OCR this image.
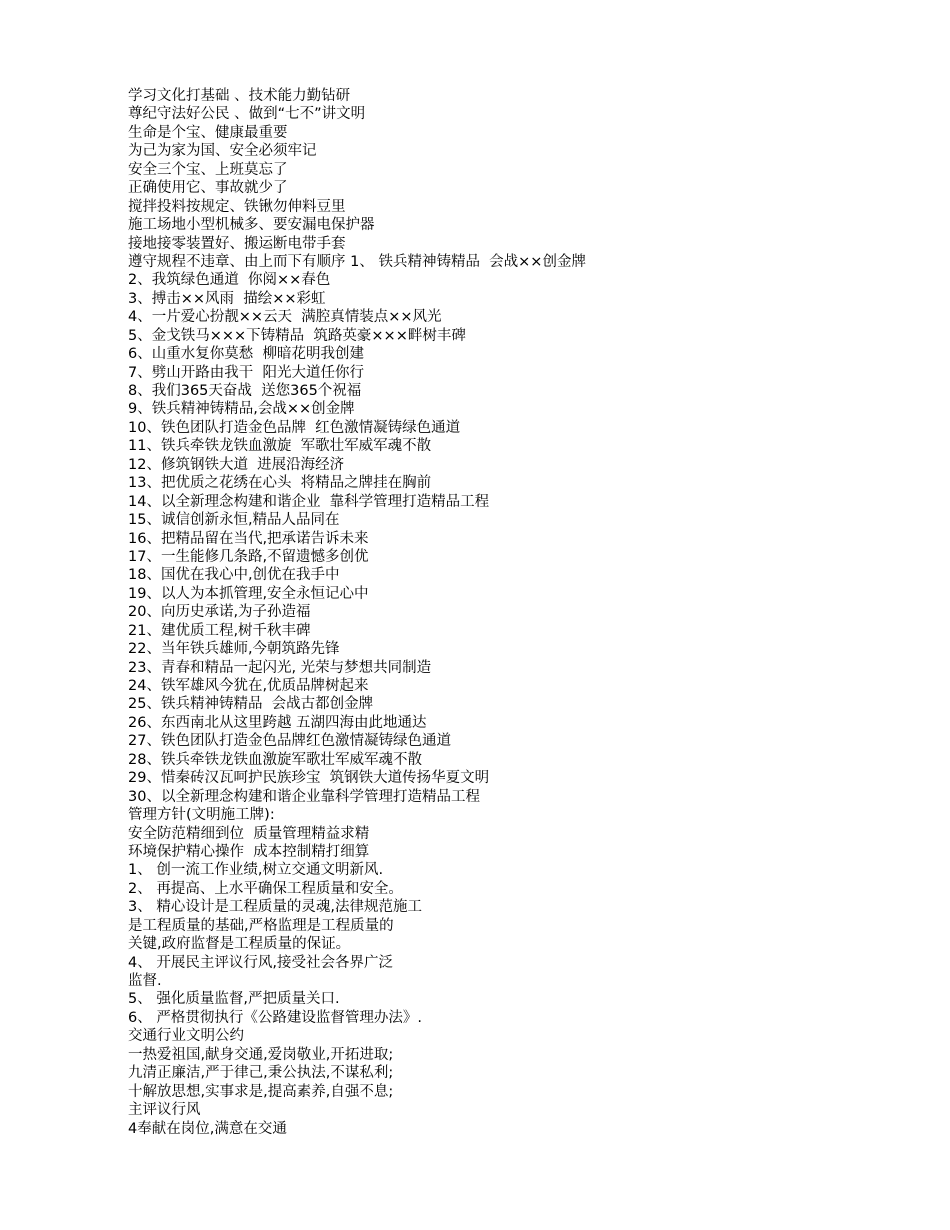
学习文化打基础 、技术能力勤钻研
尊纪守法好公民 、做到“七不”讲文明
生命是个宝、健康最重要
为己为家为国、安全必须牢记
安全三个宝、上班莫忘了
正确使用它、事故就少了
搅拌投料按规定、铁锹勿伸料豆里
施工场地小型机械多、要安漏电保护器
接地接零装置好、搬运断电带手套
遵守规程不违章、由上而下有顺序 1、 铁兵精神铸精品  会战××创金牌
2、我筑绿色通道  你阅××春色
3、搏击××风雨  描绘××彩虹
4、一片爱心扮靓××云天  满腔真情装点××风光
5、金戈铁马×××下铸精品  筑路英豪×××畔树丰碑
6、山重水复你莫愁  柳暗花明我创建
7、劈山开路由我干  阳光大道任你行
8、我们365天奋战  送您365个祝福
9、铁兵精神铸精品,会战××创金牌
10、铁色团队打造金色品牌  红色激情凝铸绿色通道
11、铁兵牵铁龙铁血激旋  军歌壮军威军魂不散
12、修筑钢铁大道  进展沿海经济
13、把优质之花绣在心头  将精品之牌挂在胸前
14、以全新理念构建和谐企业  靠科学管理打造精品工程
15、诚信创新永恒,精品人品同在
16、把精品留在当代,把承诺告诉未来
17、一生能修几条路,不留遗憾多创优
18、国优在我心中,创优在我手中
19、以人为本抓管理,安全永恒记心中
20、向历史承诺,为子孙造福
21、建优质工程,树千秋丰碑
22、当年铁兵雄师,今朝筑路先锋
23、青春和精品一起闪光, 光荣与梦想共同制造
24、铁军雄风今犹在,优质品牌树起来
25、铁兵精神铸精品  会战古都创金牌
26、东西南北从这里跨越 五湖四海由此地通达
27、铁色团队打造金色品牌红色激情凝铸绿色通道
28、铁兵牵铁龙铁血激旋军歌壮军威军魂不散
29、惜秦砖汉瓦呵护民族珍宝  筑钢铁大道传扬华夏文明
30、以全新理念构建和谐企业靠科学管理打造精品工程
管理方针(文明施工牌):
安全防范精细到位  质量管理精益求精
环境保护精心操作  成本控制精打细算
1、 创一流工作业绩,树立交通文明新风.
2、 再提高、上水平确保工程质量和安全。
3、 精心设计是工程质量的灵魂,法律规范施工
是工程质量的基础,严格监理是工程质量的
关键,政府监督是工程质量的保证。
4、 开展民主评议行风,接受社会各界广泛
监督.
5、 强化质量监督,严把质量关口.
6、 严格贯彻执行《公路建设监督管理办法》.
交通行业文明公约
一热爱祖国,献身交通,爱岗敬业,开拓进取;
九清正廉洁,严于律己,秉公执法,不谋私利;
十解放思想,实事求是,提高素养,自强不息;
主评议行风
4奉献在岗位,满意在交通
